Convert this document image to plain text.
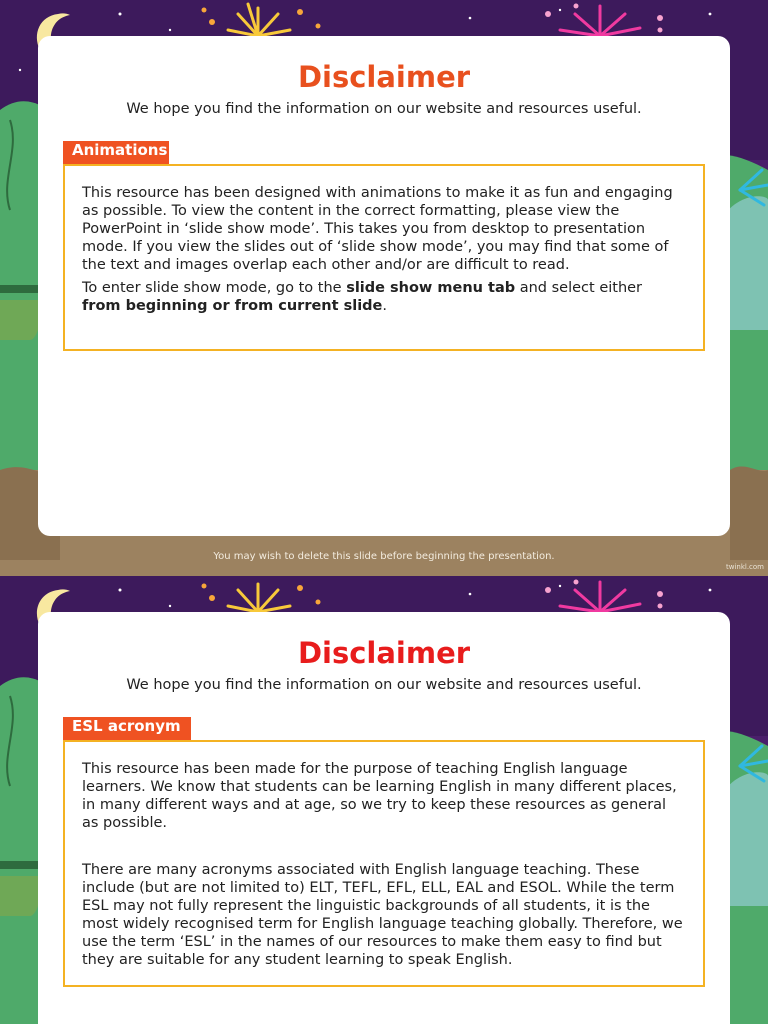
Disclaimer
We hope you find the information on our website and resources useful.
Animations

This resource has been designed with animations to make it as fun and engaging as possible. To view the content in the correct formatting, please view the PowerPoint in ‘slide show mode’. This takes you from desktop to presentation mode. If you view the slides out of ‘slide show mode’, you may find that some of the text and images overlap each other and/or are difficult to read.

To enter slide show mode, go to the slide show menu tab and select either from beginning or from current slide.

You may wish to delete this slide before beginning the presentation.
twinkl.com
Disclaimer
We hope you find the information on our website and resources useful.
ESL acronym

This resource has been made for the purpose of teaching English language learners. We know that students can be learning English in many different places, in many different ways and at age, so we try to keep these resources as general as possible.

There are many acronyms associated with English language teaching. These include (but are not limited to) ELT, TEFL, EFL, ELL, EAL and ESOL. While the term ESL may not fully represent the linguistic backgrounds of all students, it is the most widely recognised term for English language teaching globally. Therefore, we use the term ‘ESL’ in the names of our resources to make them easy to find but they are suitable for any student learning to speak English.
